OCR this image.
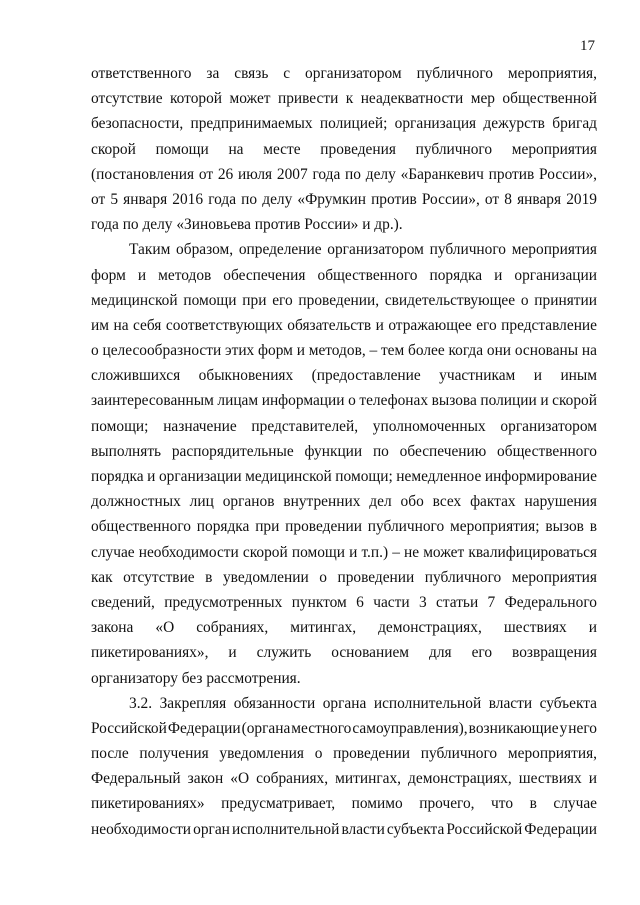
17

ответственного за связь с организатором публичного мероприятия,
отсутствие которой может привести к неадекватности мер общественной
безопасности, предпринимаемых полицией; организация дежурств бригад
скорой помощи на месте проведения публичного мероприятия
(постановления от 26 июля 2007 года по делу «Баранкевич против России»,
от 5 января 2016 года по делу «Фрумкин против России», от 8 января 2019
года по делу «Зиновьева против России» и др.).

Таким образом, определение организатором публичного мероприятия
форм и методов обеспечения общественного порядка и организации
медицинской помощи при его проведении, свидетельствующее о принятии
им на себя соответствующих обязательств и отражающее его представление
о целесообразности этих форм и методов, – тем более когда они основаны на
сложившихся обыкновениях (предоставление участникам и иным
заинтересованным лицам информации о телефонах вызова полиции и скорой
помощи; назначение представителей, уполномоченных организатором
выполнять распорядительные функции по обеспечению общественного
порядка и организации медицинской помощи; немедленное информирование
должностных лиц органов внутренних дел обо всех фактах нарушения
общественного порядка при проведении публичного мероприятия; вызов в
случае необходимости скорой помощи и т.п.) – не может квалифицироваться
как отсутствие в уведомлении о проведении публичного мероприятия
сведений, предусмотренных пунктом 6 части 3 статьи 7 Федерального
закона «О собраниях, митингах, демонстрациях, шествиях и
пикетированиях», и служить основанием для его возвращения
организатору без рассмотрения.

3.2. Закрепляя обязанности органа исполнительной власти субъекта
Российской Федерации (органа местного самоуправления), возникающие у него
после получения уведомления о проведении публичного мероприятия,
Федеральный закон «О собраниях, митингах, демонстрациях, шествиях и
пикетированиях» предусматривает, помимо прочего, что в случае
необходимости орган исполнительной власти субъекта Российской Федерации
